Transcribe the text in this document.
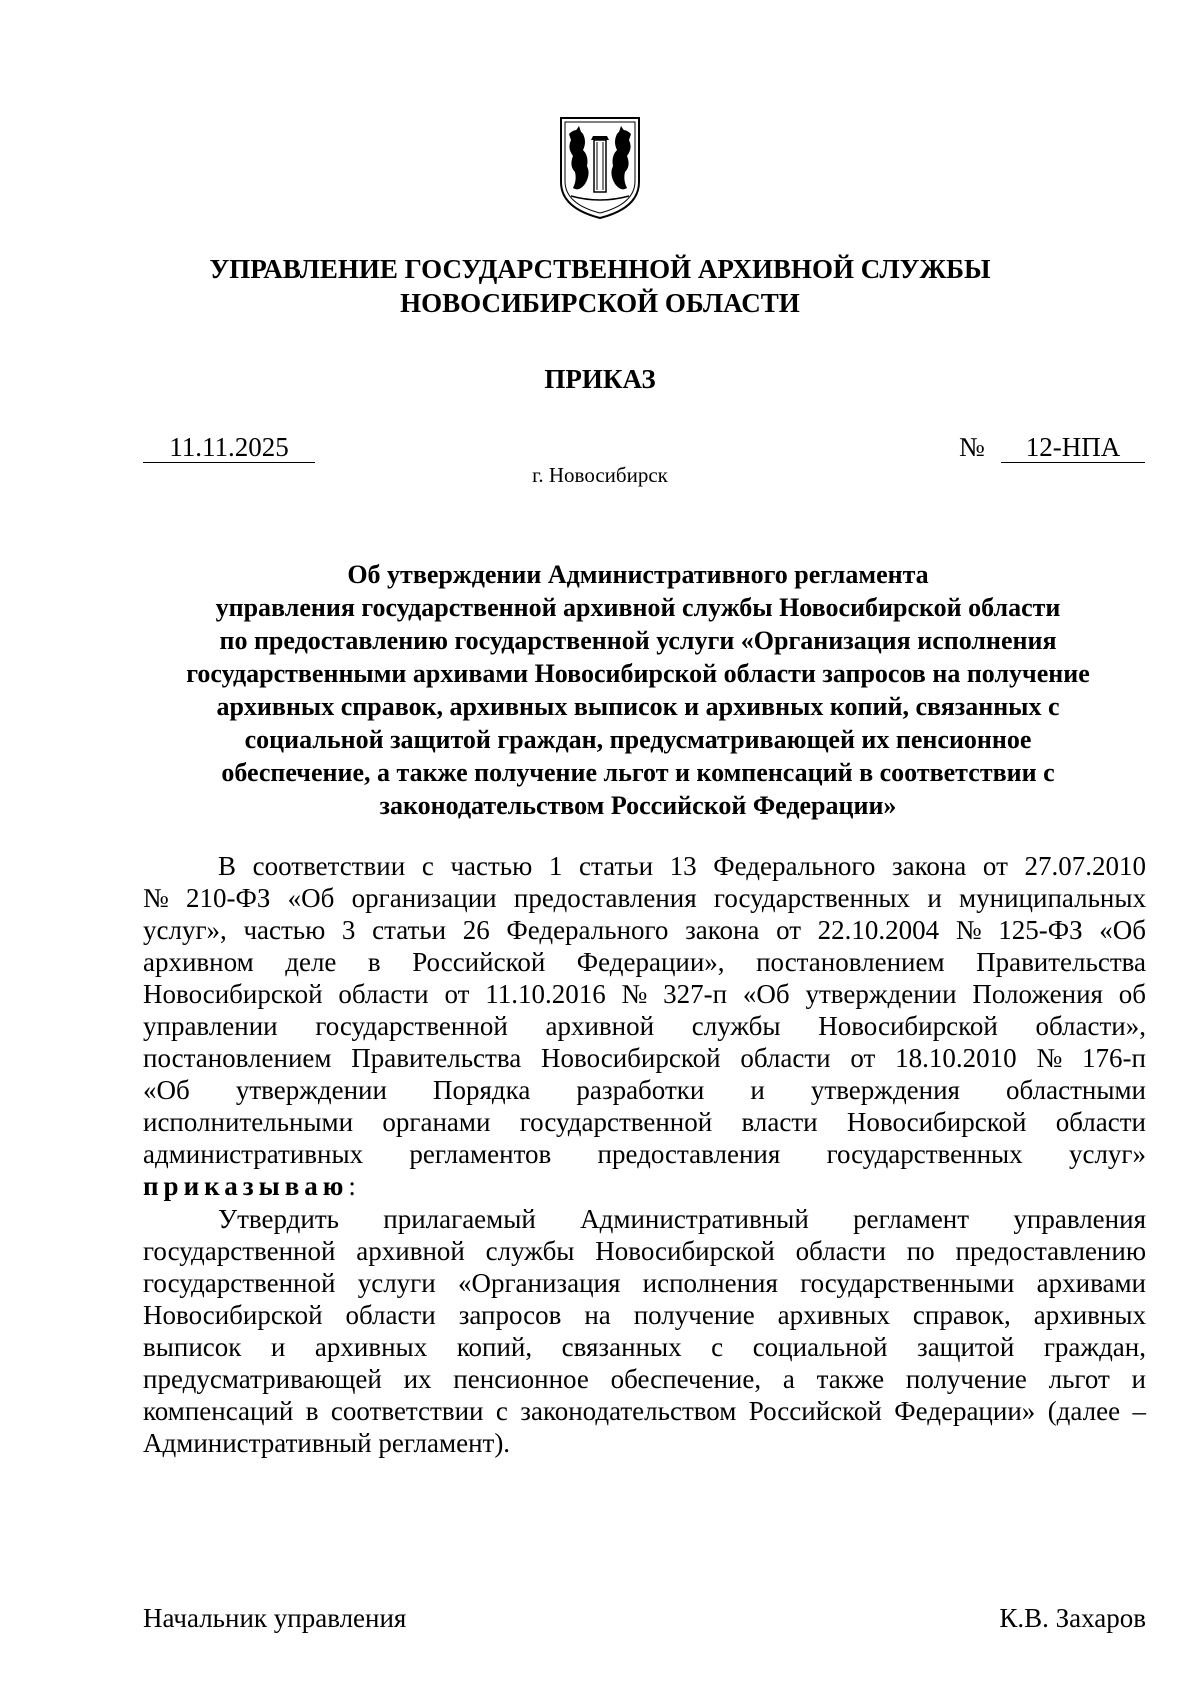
УПРАВЛЕНИЕ ГОСУДАРСТВЕННОЙ АРХИВНОЙ СЛУЖБЫ
НОВОСИБИРСКОЙ ОБЛАСТИ
ПРИКАЗ
11.11.2025	№	12-НПА
г. Новосибирск
Об утверждении Административного регламента
управления государственной архивной службы Новосибирской области
по предоставлению государственной услуги «Организация исполнения
государственными архивами Новосибирской области запросов на получение
архивных справок, архивных выписок и архивных копий, связанных с
социальной защитой граждан, предусматривающей их пенсионное
обеспечение, а также получение льгот и компенсаций в соответствии с
законодательством Российской Федерации»
В соответствии с частью 1 статьи 13 Федерального закона от 27.07.2010
№ 210-ФЗ «Об организации предоставления государственных и муниципальных
услуг», частью 3 статьи 26 Федерального закона от 22.10.2004 № 125-ФЗ «Об
архивном деле в Российской Федерации», постановлением Правительства
Новосибирской области от 11.10.2016 № 327-п «Об утверждении Положения об
управлении государственной архивной службы Новосибирской области»,
постановлением Правительства Новосибирской области от 18.10.2010 № 176-п
«Об утверждении Порядка разработки и утверждения областными
исполнительными органами государственной власти Новосибирской области
административных регламентов предоставления государственных услуг»
приказываю:
Утвердить прилагаемый Административный регламент управления
государственной архивной службы Новосибирской области по предоставлению
государственной услуги «Организация исполнения государственными архивами
Новосибирской области запросов на получение архивных справок, архивных
выписок и архивных копий, связанных с социальной защитой граждан,
предусматривающей их пенсионное обеспечение, а также получение льгот и
компенсаций в соответствии с законодательством Российской Федерации» (далее –
Административный регламент).
Начальник управления	К.В. Захаров
